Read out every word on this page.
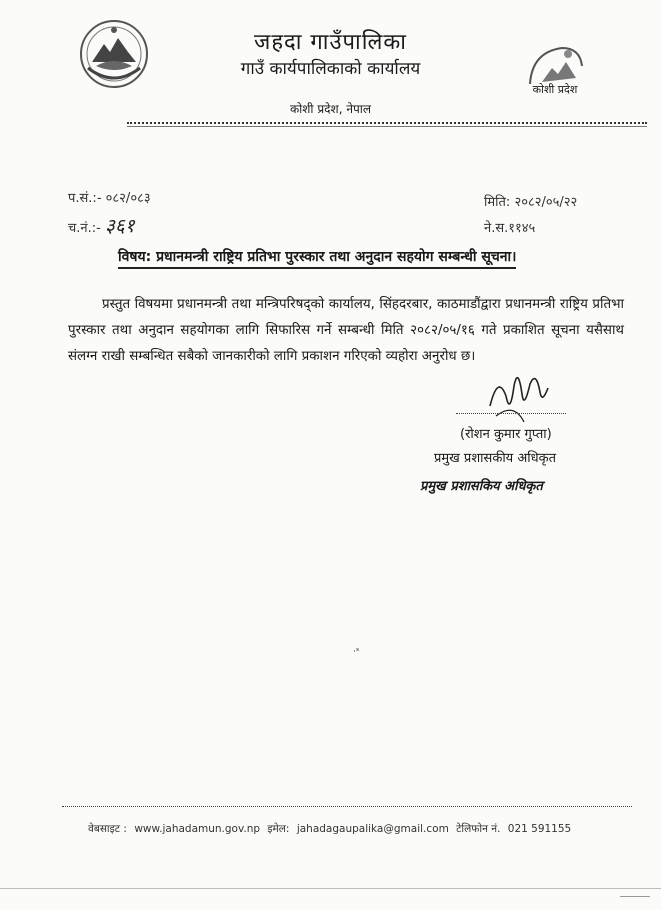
जहदा गाउँपालिका
गाउँ कार्यपालिकाको कार्यालय
कोशी प्रदेश, नेपाल
कोशी प्रदेश
प.सं.:- ०८२/०८३
च.नं.:- ३६१
मिति: २०८२/०५/२२
ने.स.११४५
विषय: प्रधानमन्त्री राष्ट्रिय प्रतिभा पुरस्कार तथा अनुदान सहयोग सम्बन्धी सूचना।
प्रस्तुत विषयमा प्रधानमन्त्री तथा मन्त्रिपरिषद्को कार्यालय, सिंहदरबार, काठमाडौंद्वारा प्रधानमन्त्री राष्ट्रिय प्रतिभा पुरस्कार तथा अनुदान सहयोगका लागि सिफारिस गर्ने सम्बन्धी मिति २०८२/०५/१६ गते प्रकाशित सूचना यसैसाथ संलग्न राखी सम्बन्धित सबैको जानकारीको लागि प्रकाशन गरिएको व्यहोरा अनुरोध छ।
(रोशन कुमार गुप्ता)
प्रमुख प्रशासकीय अधिकृत
प्रमुख प्रशासकिय अधिकृत
·ˢ
वेबसाइट : www.jahadamun.gov.np इमेल: jahadagaupalika@gmail.com टेलिफोन नं. 021 591155
